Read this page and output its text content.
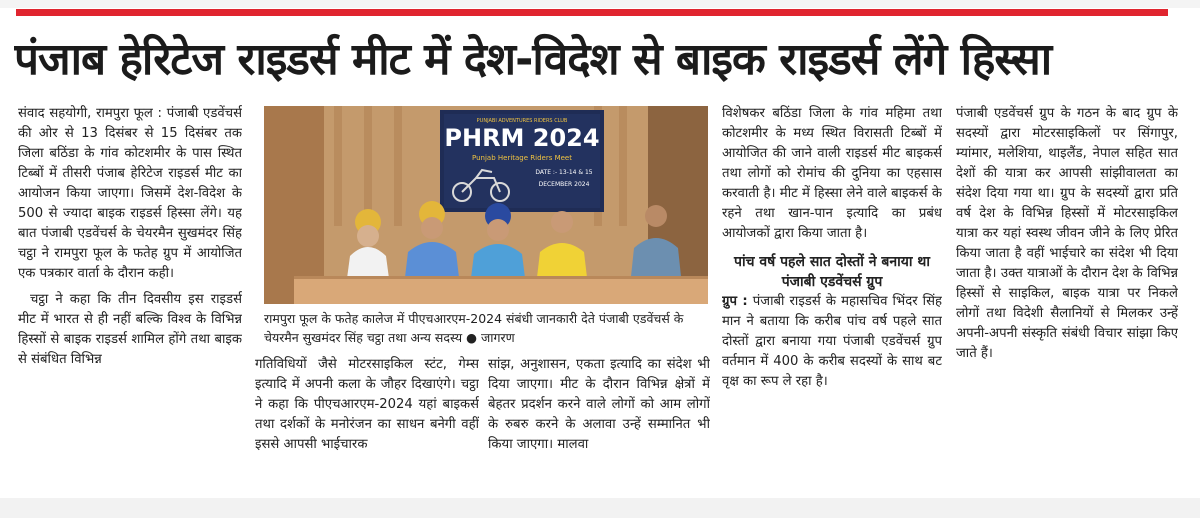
पंजाब हेरिटेज राइडर्स मीट में देश-विदेश से बाइक राइडर्स लेंगे हिस्सा

संवाद सहयोगी, रामपुरा फूल : पंजाबी एडवेंचर्स की ओर से 13 दिसंबर से 15 दिसंबर तक जिला बठिंडा के गांव कोटशमीर के पास स्थित टिब्बों में तीसरी पंजाब हेरिटेज राइडर्स मीट का आयोजन किया जाएगा। जिसमें देश-विदेश के 500 से ज्यादा बाइक राइडर्स हिस्सा लेंगे। यह बात पंजाबी एडवेंचर्स के चेयरमैन सुखमंदर सिंह चट्ठा ने रामपुरा फूल के फतेह ग्रुप में आयोजित एक पत्रकार वार्ता के दौरान कही।

चट्ठा ने कहा कि तीन दिवसीय इस राइडर्स मीट में भारत से ही नहीं बल्कि विश्व के विभिन्न हिस्सों से बाइक राइडर्स शामिल होंगे तथा बाइक से संबंधित विभिन्न

PUNJABI ADVENTURES RIDERS CLUB
PHRM 2024
Punjab Heritage Riders Meet
DATE :- 13-14 & 15
DECEMBER 2024
रामपुरा फूल के फतेह कालेज में पीएचआरएम-2024 संबंधी जानकारी देते पंजाबी एडवेंचर्स के चेयरमैन सुखमंदर सिंह चट्ठा तथा अन्य सदस्य ● जागरण

गतिविधियों जैसे मोटरसाइकिल स्टंट, गेम्स इत्यादि में अपनी कला के जौहर दिखाएंगे। चट्ठा ने कहा कि पीएचआरएम-2024 यहां बाइकर्स तथा दर्शकों के मनोरंजन का साधन बनेगी वहीं इससे आपसी भाईचारक

सांझ, अनुशासन, एकता इत्यादि का संदेश भी दिया जाएगा। मीट के दौरान विभिन्न क्षेत्रों में बेहतर प्रदर्शन करने वाले लोगों को आम लोगों के रुबरु करने के अलावा उन्हें सम्मानित भी किया जाएगा। मालवा

विशेषकर बठिंडा जिला के गांव महिमा तथा कोटशमीर के मध्य स्थित विरासती टिब्बों में आयोजित की जाने वाली राइडर्स मीट बाइकर्स तथा लोगों को रोमांच की दुनिया का एहसास करवाती है। मीट में हिस्सा लेने वाले बाइकर्स के रहने तथा खान-पान इत्यादि का प्रबंध आयोजकों द्वारा किया जाता है।

पांच वर्ष पहले सात दोस्तों ने बनाया था पंजाबी एडवेंचर्स ग्रुप

ग्रुप : पंजाबी राइडर्स के महासचिव भिंदर सिंह मान ने बताया कि करीब पांच वर्ष पहले सात दोस्तों द्वारा बनाया गया पंजाबी एडवेंचर्स ग्रुप वर्तमान में 400 के करीब सदस्यों के साथ बट वृक्ष का रूप ले रहा है।

पंजाबी एडवेंचर्स ग्रुप के गठन के बाद ग्रुप के सदस्यों द्वारा मोटरसाइकिलों पर सिंगापुर, म्यांमार, मलेशिया, थाइलैंड, नेपाल सहित सात देशों की यात्रा कर आपसी सांझीवालता का संदेश दिया गया था। ग्रुप के सदस्यों द्वारा प्रति वर्ष देश के विभिन्न हिस्सों में मोटरसाइकिल यात्रा कर यहां स्वस्थ जीवन जीने के लिए प्रेरित किया जाता है वहीं भाईचारे का संदेश भी दिया जाता है। उक्त यात्राओं के दौरान देश के विभिन्न हिस्सों से साइकिल, बाइक यात्रा पर निकले लोगों तथा विदेशी सैलानियों से मिलकर उन्हें अपनी-अपनी संस्कृति संबंधी विचार सांझा किए जाते हैं।
